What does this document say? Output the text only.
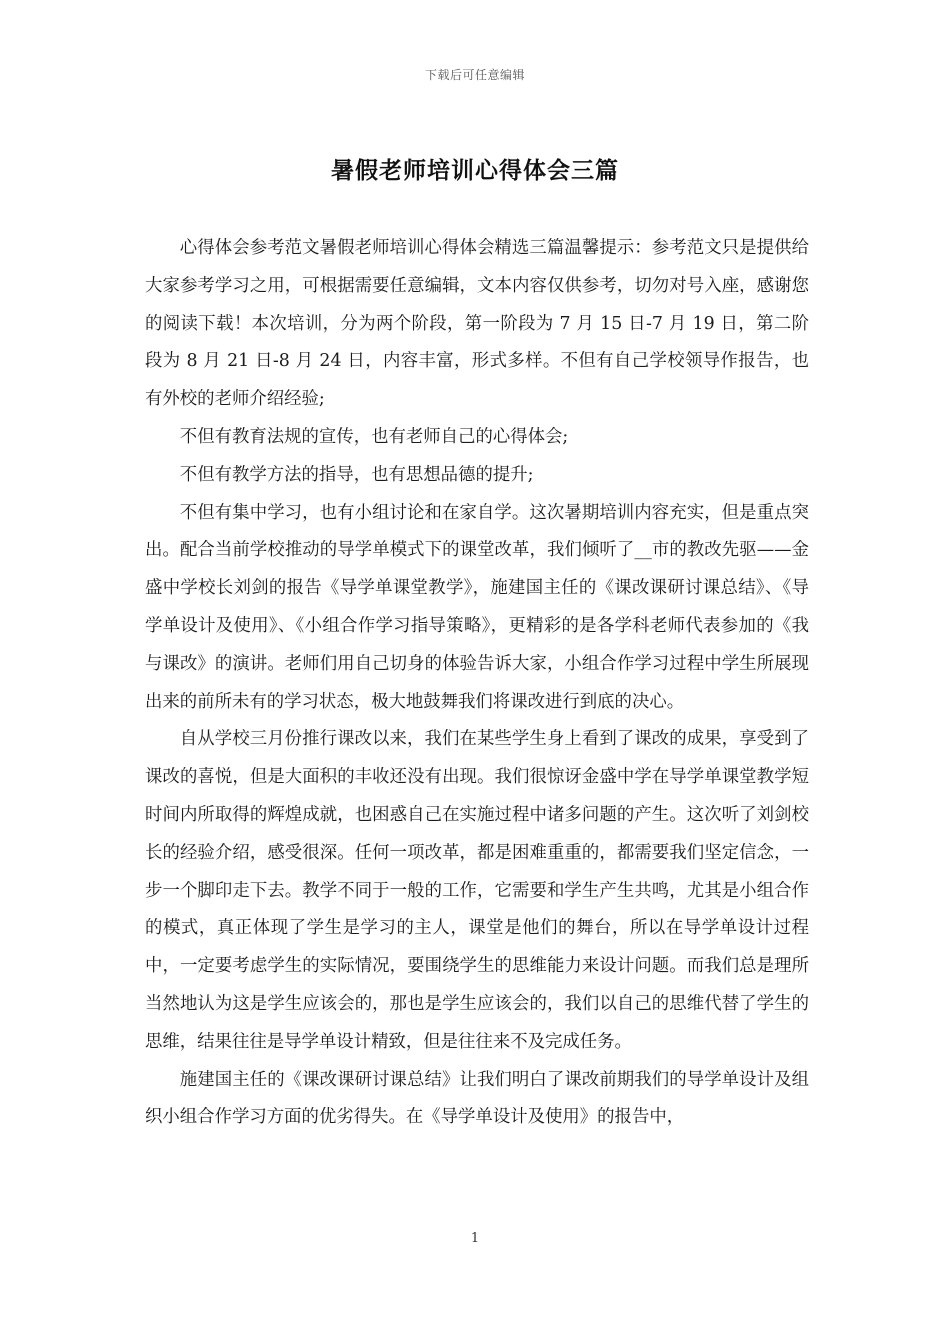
下载后可任意编辑
暑假老师培训心得体会三篇

心得体会参考范文暑假老师培训心得体会精选三篇温馨提示：参考范文只是提供给大家参考学习之用，可根据需要任意编辑，文本内容仅供参考，切勿对号入座，感谢您的阅读下载！本次培训，分为两个阶段，第一阶段为 7 月 15 日-7 月 19 日，第二阶段为 8 月 21 日-8 月 24 日，内容丰富，形式多样。不但有自己学校领导作报告，也有外校的老师介绍经验;

不但有教育法规的宣传，也有老师自己的心得体会;

不但有教学方法的指导，也有思想品德的提升;

不但有集中学习，也有小组讨论和在家自学。这次暑期培训内容充实，但是重点突出。配合当前学校推动的导学单模式下的课堂改革，我们倾听了__市的教改先驱——金盛中学校长刘剑的报告《导学单课堂教学》，施建国主任的《课改课研讨课总结》、《导学单设计及使用》、《小组合作学习指导策略》，更精彩的是各学科老师代表参加的《我与课改》的演讲。老师们用自己切身的体验告诉大家，小组合作学习过程中学生所展现出来的前所未有的学习状态，极大地鼓舞我们将课改进行到底的决心。

自从学校三月份推行课改以来，我们在某些学生身上看到了课改的成果，享受到了课改的喜悦，但是大面积的丰收还没有出现。我们很惊讶金盛中学在导学单课堂教学短时间内所取得的辉煌成就，也困惑自己在实施过程中诸多问题的产生。这次听了刘剑校长的经验介绍，感受很深。任何一项改革，都是困难重重的，都需要我们坚定信念，一步一个脚印走下去。教学不同于一般的工作，它需要和学生产生共鸣，尤其是小组合作的模式，真正体现了学生是学习的主人，课堂是他们的舞台，所以在导学单设计过程中，一定要考虑学生的实际情况，要围绕学生的思维能力来设计问题。而我们总是理所当然地认为这是学生应该会的，那也是学生应该会的，我们以自己的思维代替了学生的思维，结果往往是导学单设计精致，但是往往来不及完成任务。

施建国主任的《课改课研讨课总结》让我们明白了课改前期我们的导学单设计及组织小组合作学习方面的优劣得失。在《导学单设计及使用》的报告中，

1
